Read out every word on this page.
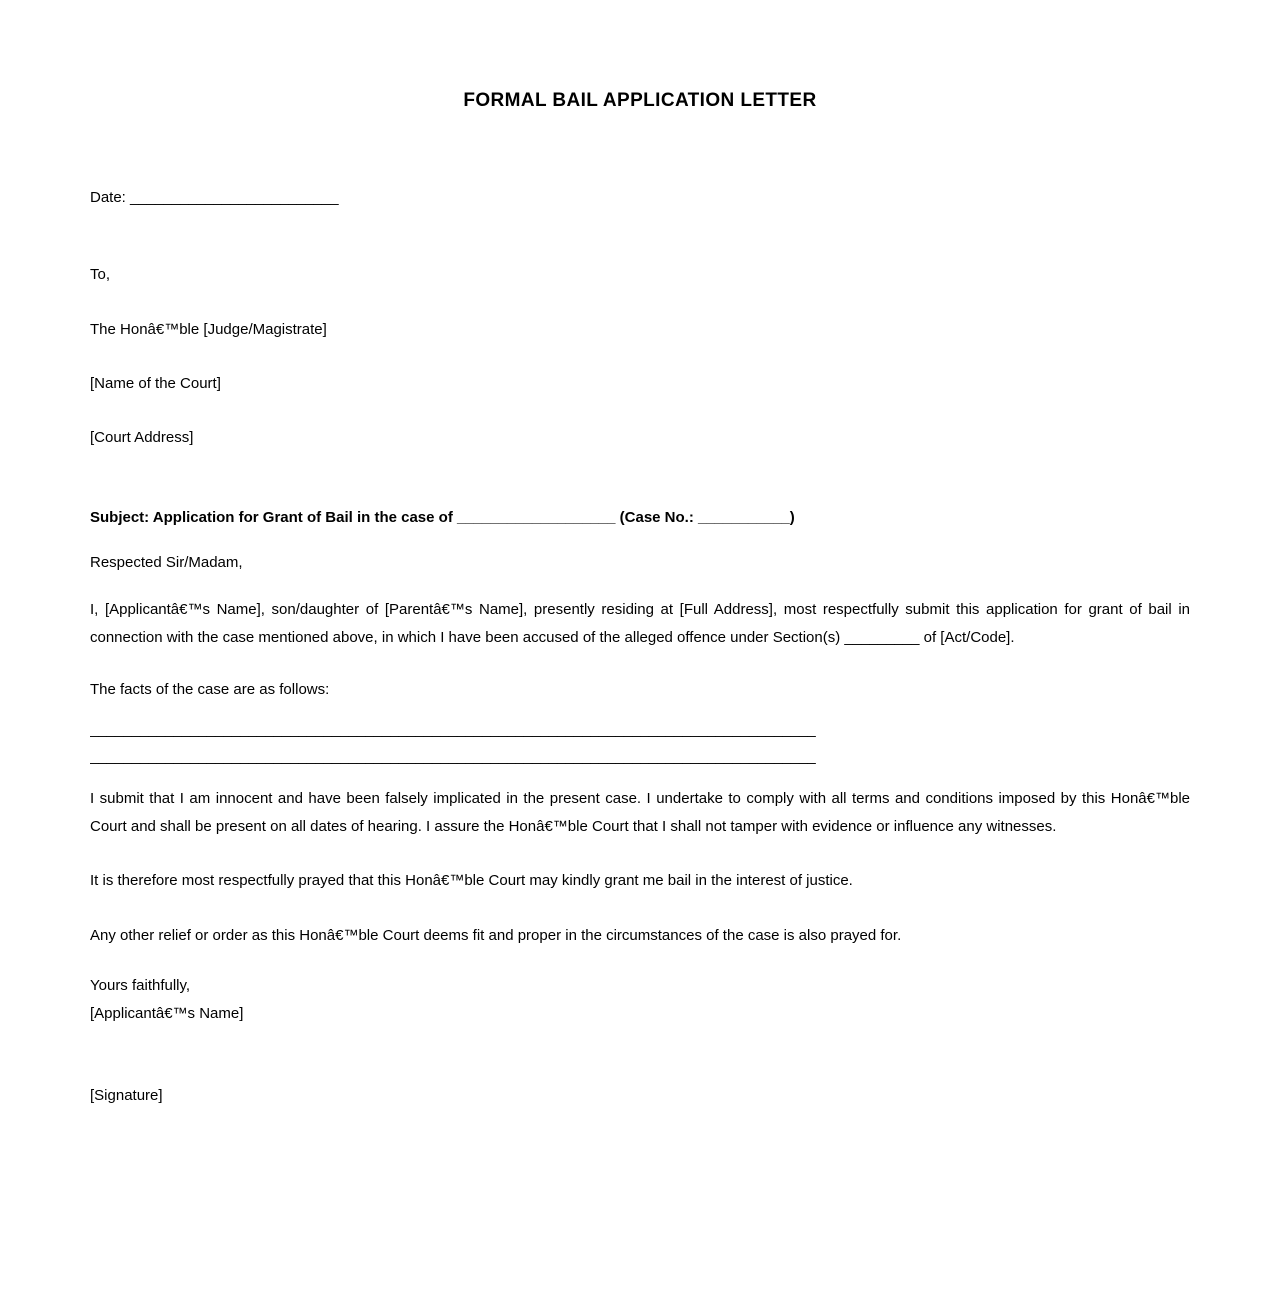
FORMAL BAIL APPLICATION LETTER

Date: _________________________

To,

The Honâ€™ble [Judge/Magistrate]

[Name of the Court]

[Court Address]

Subject: Application for Grant of Bail in the case of ___________________ (Case No.: ___________)

Respected Sir/Madam,

I, [Applicantâ€™s Name], son/daughter of [Parentâ€™s Name], presently residing at [Full Address], most respectfully submit this application for grant of bail in connection with the case mentioned above, in which I have been accused of the alleged offence under Section(s) _________ of [Act/Code].

The facts of the case are as follows:

_______________________________________________________________________________________

_______________________________________________________________________________________

I submit that I am innocent and have been falsely implicated in the present case. I undertake to comply with all terms and conditions imposed by this Honâ€™ble Court and shall be present on all dates of hearing. I assure the Honâ€™ble Court that I shall not tamper with evidence or influence any witnesses.

It is therefore most respectfully prayed that this Honâ€™ble Court may kindly grant me bail in the interest of justice.

Any other relief or order as this Honâ€™ble Court deems fit and proper in the circumstances of the case is also prayed for.

Yours faithfully,

[Applicantâ€™s Name]

[Signature]
